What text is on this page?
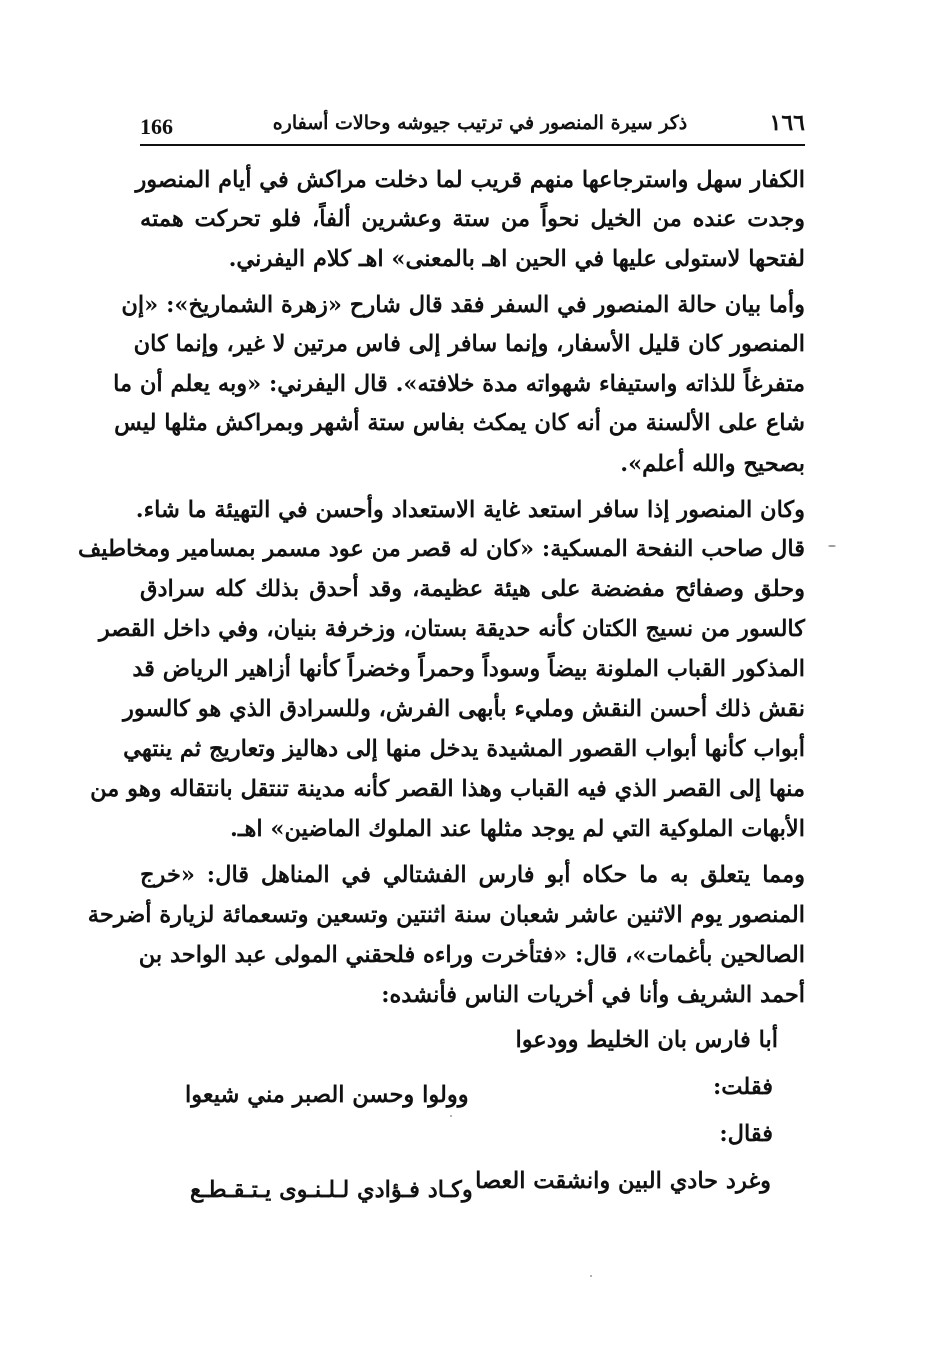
166	ذكر سيرة المنصور في ترتيب جيوشه وحالات أسفاره	١٦٦
الكفار سهل واسترجاعها منهم قريب لما دخلت مراكش في أيام المنصور
وجدت عنده من الخيل نحواً من ستة وعشرين ألفاً، فلو تحركت همته
لفتحها لاستولى عليها في الحين اهـ بالمعنى» اهـ كلام اليفرني.
وأما بيان حالة المنصور في السفر فقد قال شارح «زهرة الشماريخ»: «إن
المنصور كان قليل الأسفار، وإنما سافر إلى فاس مرتين لا غير، وإنما كان
متفرغاً للذاته واستيفاء شهواته مدة خلافته». قال اليفرني: «وبه يعلم أن ما
شاع على الألسنة من أنه كان يمكث بفاس ستة أشهر وبمراكش مثلها ليس
بصحيح والله أعلم».
وكان المنصور إذا سافر استعد غاية الاستعداد وأحسن في التهيئة ما شاء.
قال صاحب النفحة المسكية: «كان له قصر من عود مسمر بمسامير ومخاطيف
وحلق وصفائح مفضضة على هيئة عظيمة، وقد أحدق بذلك كله سرادق
كالسور من نسيج الكتان كأنه حديقة بستان، وزخرفة بنيان، وفي داخل القصر
المذكور القباب الملونة بيضاً وسوداً وحمراً وخضراً كأنها أزاهير الرياض قد
نقش ذلك أحسن النقش ومليء بأبهى الفرش، وللسرادق الذي هو كالسور
أبواب كأنها أبواب القصور المشيدة يدخل منها إلى دهاليز وتعاريج ثم ينتهي
منها إلى القصر الذي فيه القباب وهذا القصر كأنه مدينة تنتقل بانتقاله وهو من
الأبهات الملوكية التي لم يوجد مثلها عند الملوك الماضين» اهـ.
ومما يتعلق به ما حكاه أبو فارس الفشتالي في المناهل قال: «خرج
المنصور يوم الاثنين عاشر شعبان سنة اثنتين وتسعين وتسعمائة لزيارة أضرحة
الصالحين بأغمات»، قال: «فتأخرت وراءه فلحقني المولى عبد الواحد بن
أحمد الشريف وأنا في أخريات الناس فأنشده:
أبا فارس بان الخليط وودعوا
فقلت:
وولوا وحسن الصبر مني شيعوا
فقال:
وغرد حادي البين وانشقت العصا
وكـاد فـؤادي لـلـنـوى يـتـقـطـع
